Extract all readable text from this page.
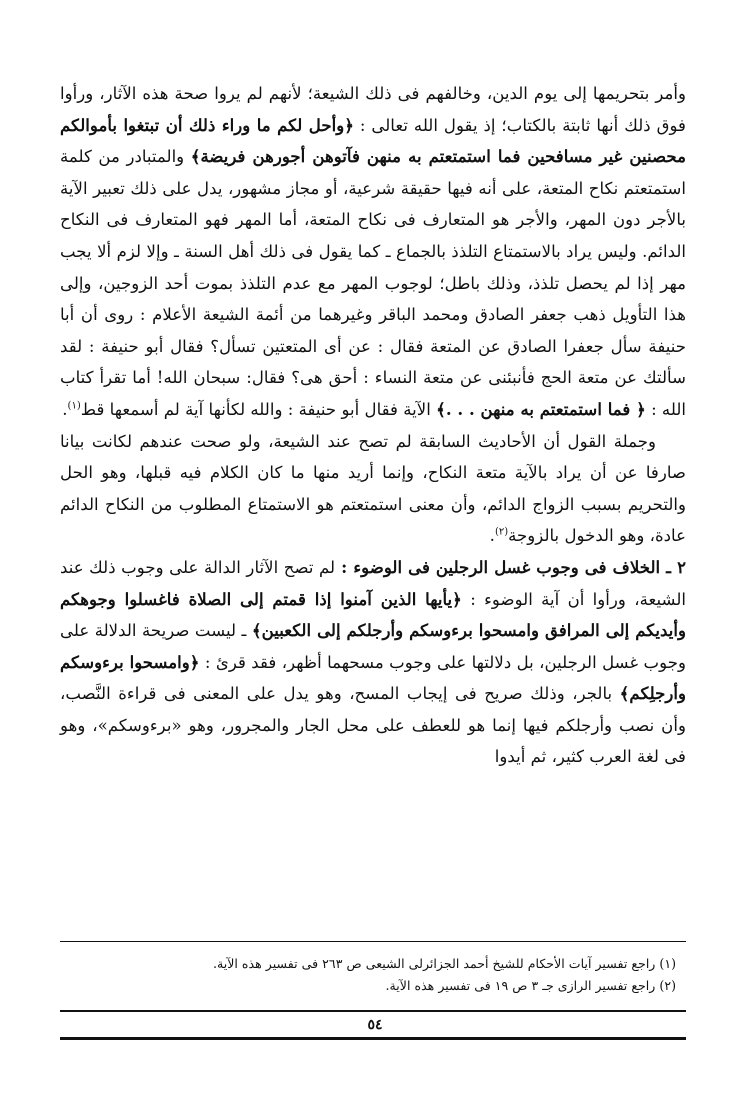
وأمر بتحريمها إلى يوم الدين، وخالفهم فى ذلك الشيعة؛ لأنهم لم يروا صحة هذه الآثار، ورأوا فوق ذلك أنها ثابتة بالكتاب؛ إذ يقول الله تعالى : ﴿وأحل لكم ما وراء ذلك أن تبتغوا بأموالكم محصنين غير مسافحين فما استمتعتم به منهن فآتوهن أجورهن فريضة﴾ والمتبادر من كلمة استمتعتم نكاح المتعة، على أنه فيها حقيقة شرعية، أو مجاز مشهور، يدل على ذلك تعبير الآية بالأجر دون المهر، والأجر هو المتعارف فى نكاح المتعة، أما المهر فهو المتعارف فى النكاح الدائم. وليس يراد بالاستمتاع التلذذ بالجماع ـ كما يقول فى ذلك أهل السنة ـ وإلا لزم ألا يجب مهر إذا لم يحصل تلذذ، وذلك باطل؛ لوجوب المهر مع عدم التلذذ بموت أحد الزوجين، وإلى هذا التأويل ذهب جعفر الصادق ومحمد الباقر وغيرهما من أئمة الشيعة الأعلام : روى أن أبا حنيفة سأل جعفرا الصادق عن المتعة فقال : عن أى المتعتين تسأل؟ فقال أبو حنيفة : لقد سألتك عن متعة الحج فأنبئنى عن متعة النساء : أحق هى؟ فقال: سبحان الله! أما تقرأ كتاب الله : ﴿ فما استمتعتم به منهن . . .﴾ الآية فقال أبو حنيفة : والله لكأنها آية لم أسمعها قط$^{(١)}$.

وجملة القول أن الأحاديث السابقة لم تصح عند الشيعة، ولو صحت عندهم لكانت بيانا صارفا عن أن يراد بالآية متعة النكاح، وإنما أريد منها ما كان الكلام فيه قبلها، وهو الحل والتحريم بسبب الزواج الدائم، وأن معنى استمتعتم هو الاستمتاع المطلوب من النكاح الدائم عادة، وهو الدخول بالزوجة$^{(٢)}$.

٢ ـ الخلاف فى وجوب غسل الرجلين فى الوضوء : لم تصح الآثار الدالة على وجوب ذلك عند الشيعة، ورأوا أن آية الوضوء : ﴿يأيها الذين آمنوا إذا قمتم إلى الصلاة فاغسلوا وجوهكم وأيديكم إلى المرافق وامسحوا برءوسكم وأرجلكم إلى الكعبين﴾ ـ ليست صريحة الدلالة على وجوب غسل الرجلين، بل دلالتها على وجوب مسحهما أظهر، فقد قرئ : ﴿وامسحوا برءوسكم وأرجلِكم﴾ بالجر، وذلك صريح فى إيجاب المسح، وهو يدل على المعنى فى قراءة النَّصب، وأن نصب وأرجلكم فيها إنما هو للعطف على محل الجار والمجرور، وهو «برءوسكم»، وهو فى لغة العرب كثير، ثم أيدوا

(١) راجع تفسير آيات الأحكام للشيخ أحمد الجزائرلى الشيعى ص ٢٦٣ فى تفسير هذه الآية.
(٢) راجع تفسير الرازى جـ ٣ ص ١٩ فى تفسير هذه الآية.
٥٤
